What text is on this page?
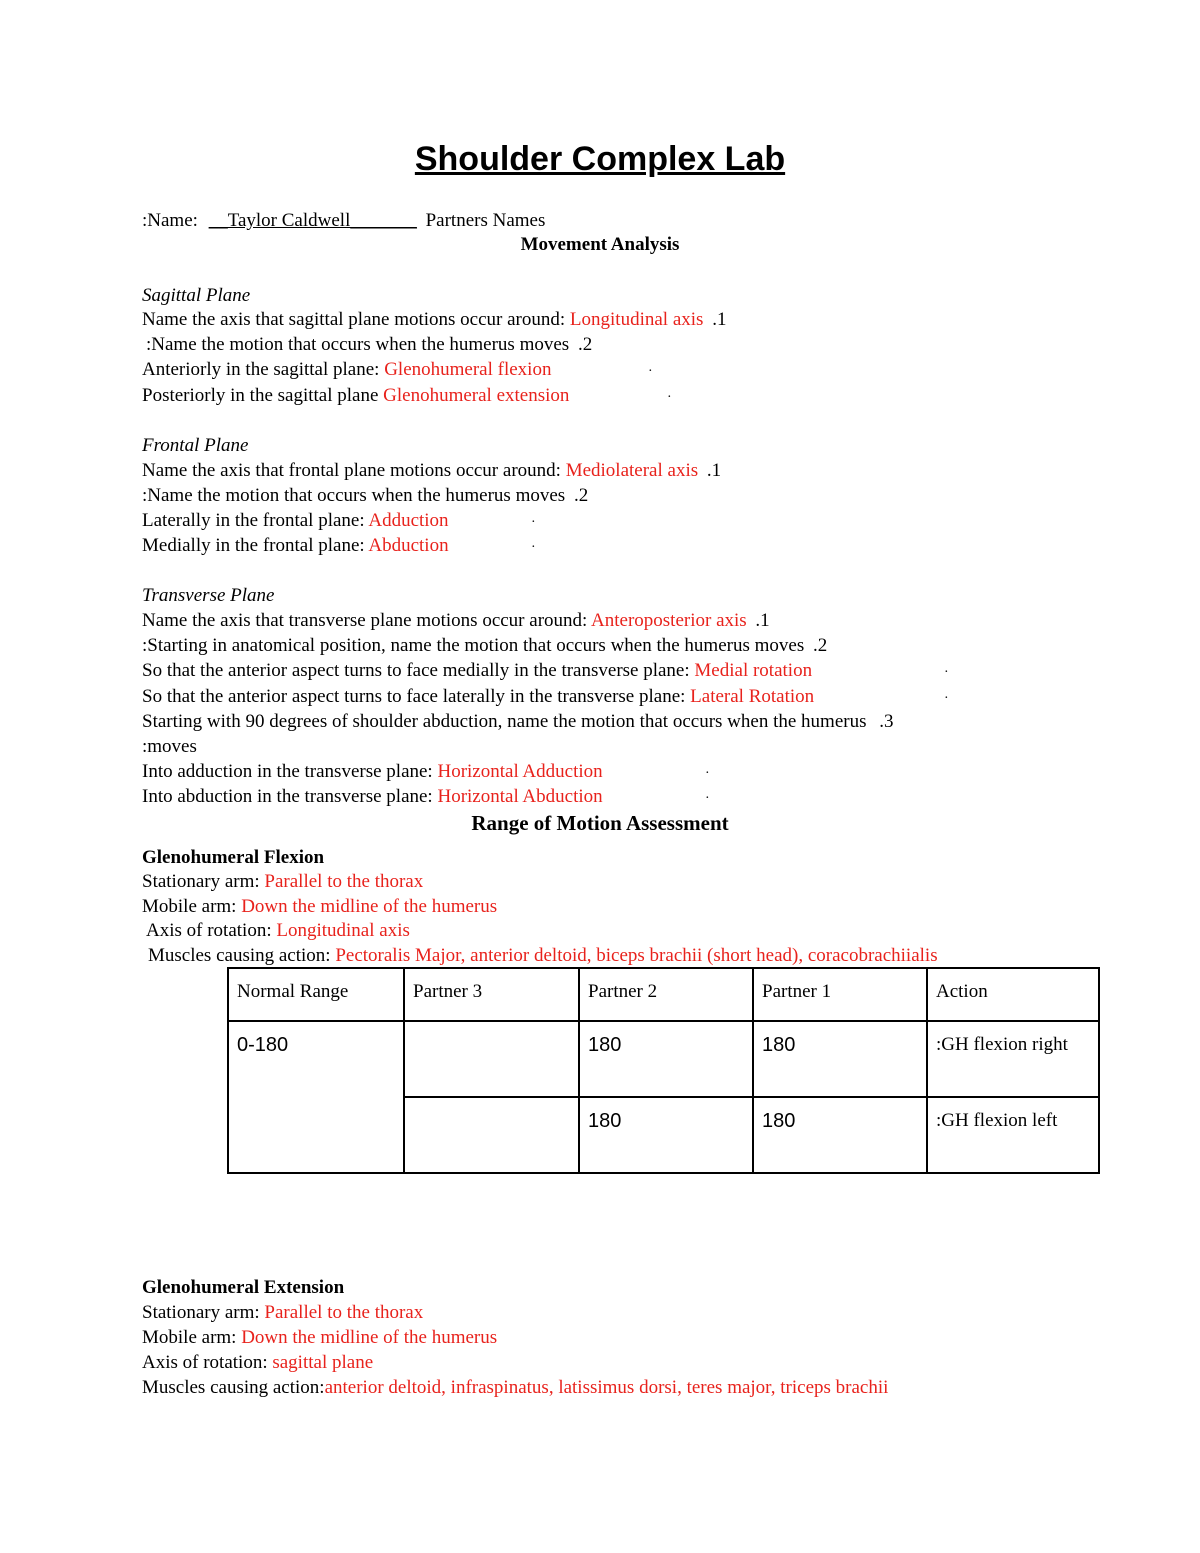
Shoulder Complex Lab
:Name: __Taylor Caldwell_______ Partners Names
Movement Analysis
Sagittal Plane
Name the axis that sagittal plane motions occur around: Longitudinal axis .1
:Name the motion that occurs when the humerus moves .2
Anteriorly in the sagittal plane: Glenohumeral flexion	·
Posteriorly in the sagittal plane Glenohumeral extension	·
Frontal Plane
Name the axis that frontal plane motions occur around: Mediolateral axis .1
:Name the motion that occurs when the humerus moves .2
Laterally in the frontal plane: Adduction	·
Medially in the frontal plane: Abduction	·
Transverse Plane
Name the axis that transverse plane motions occur around: Anteroposterior axis .1
:Starting in anatomical position, name the motion that occurs when the humerus moves .2
So that the anterior aspect turns to face medially in the transverse plane: Medial rotation	·
So that the anterior aspect turns to face laterally in the transverse plane: Lateral Rotation	·
Starting with 90 degrees of shoulder abduction, name the motion that occurs when the humerus .3
:moves
Into adduction in the transverse plane: Horizontal Adduction	·
Into abduction in the transverse plane: Horizontal Abduction	·
Range of Motion Assessment
Glenohumeral Flexion
Stationary arm: Parallel to the thorax
Mobile arm: Down the midline of the humerus
Axis of rotation: Longitudinal axis
Muscles causing action: Pectoralis Major, anterior deltoid, biceps brachii (short head), coracobrachiialis
Normal Range	Partner 3	Partner 2	Partner 1	Action
0-180		180	180	:GH flexion right
		180	180	:GH flexion left
Glenohumeral Extension
Stationary arm: Parallel to the thorax
Mobile arm: Down the midline of the humerus
Axis of rotation: sagittal plane
Muscles causing action:anterior deltoid, infraspinatus, latissimus dorsi, teres major, triceps brachii
